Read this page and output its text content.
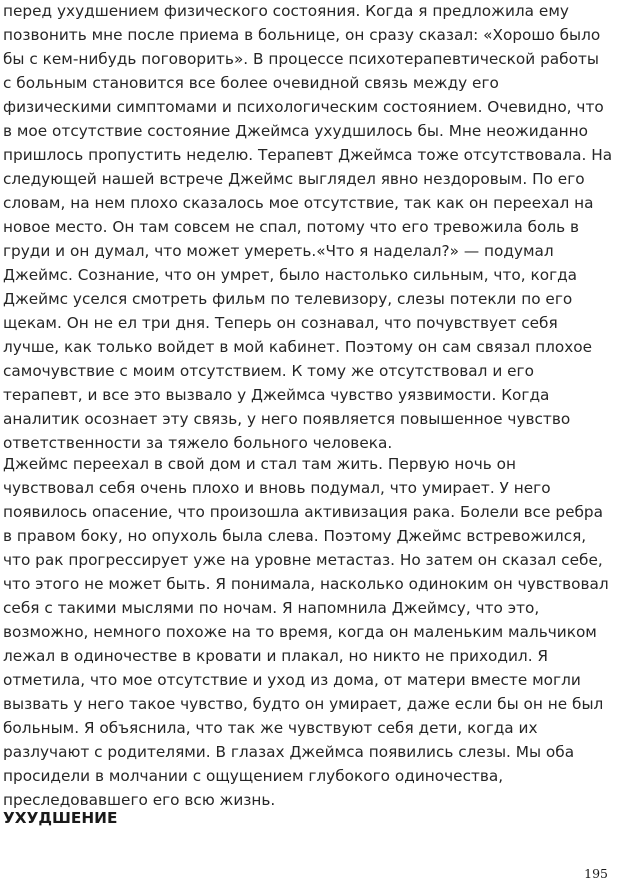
перед ухудшением физического состояния. Когда я предложила ему
позвонить мне после приема в больнице, он сразу сказал: «Хорошо было
бы с кем-нибудь поговорить». В процессе психотерапевтической работы
с больным становится все более очевидной связь между его
физическими симптомами и психологическим состоянием. Очевидно, что
в мое отсутствие состояние Джеймса ухудшилось бы. Мне неожиданно
пришлось пропустить неделю. Терапевт Джеймса тоже отсутствовала. На
следующей нашей встрече Джеймс выглядел явно нездоровым. По его
словам, на нем плохо сказалось мое отсутствие, так как он переехал на
новое место. Он там совсем не спал, потому что его тревожила боль в
груди и он думал, что может умереть.«Что я наделал?» — подумал
Джеймс. Сознание, что он умрет, было настолько сильным, что, когда
Джеймс уселся смотреть фильм по телевизору, слезы потекли по его
щекам. Он не ел три дня. Теперь он сознавал, что почувствует себя
лучше, как только войдет в мой кабинет. Поэтому он сам связал плохое
самочувствие с моим отсутствием. К тому же отсутствовал и его
терапевт, и все это вызвало у Джеймса чувство уязвимости. Когда
аналитик осознает эту связь, у него появляется повышенное чувство
ответственности за тяжело больного человека.

Джеймс переехал в свой дом и стал там жить. Первую ночь он
чувствовал себя очень плохо и вновь подумал, что умирает. У него
появилось опасение, что произошла активизация рака. Болели все ребра
в правом боку, но опухоль была слева. Поэтому Джеймс встревожился,
что рак прогрессирует уже на уровне метастаз. Но затем он сказал себе,
что этого не может быть. Я понимала, насколько одиноким он чувствовал
себя с такими мыслями по ночам. Я напомнила Джеймсу, что это,
возможно, немного похоже на то время, когда он маленьким мальчиком
лежал в одиночестве в кровати и плакал, но никто не приходил. Я
отметила, что мое отсутствие и уход из дома, от матери вместе могли
вызвать у него такое чувство, будто он умирает, даже если бы он не был
больным. Я объяснила, что так же чувствуют себя дети, когда их
разлучают с родителями. В глазах Джеймса появились слезы. Мы оба
просидели в молчании с ощущением глубокого одиночества,
преследовавшего его всю жизнь.

УХУДШЕНИЕ
195
